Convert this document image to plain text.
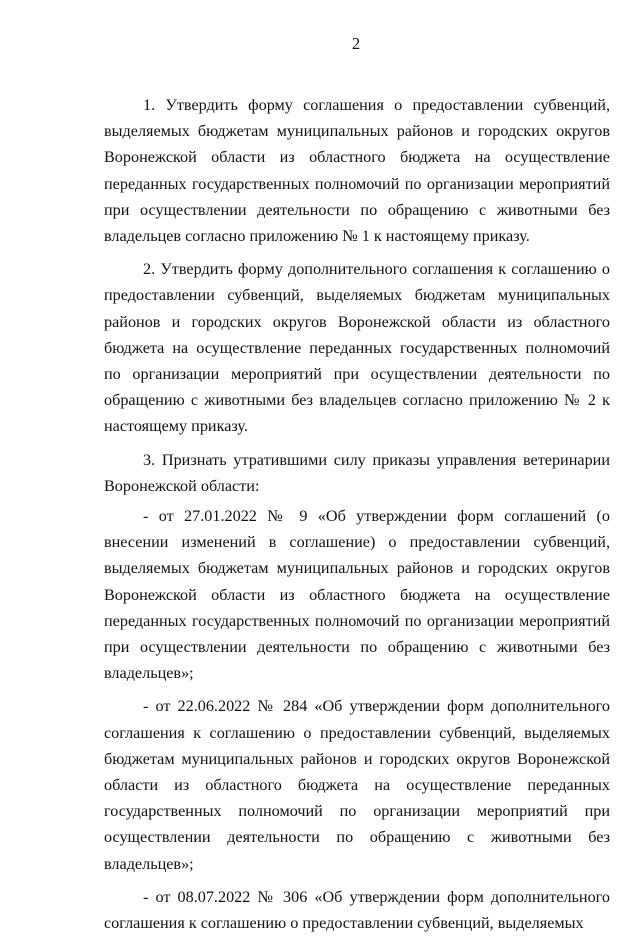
2

1. Утвердить форму соглашения о предоставлении субвенций, выделяемых бюджетам муниципальных районов и городских округов Воронежской области из областного бюджета на осуществление переданных государственных полномочий по организации мероприятий при осуществлении деятельности по обращению с животными без владельцев согласно приложению № 1 к настоящему приказу.

2. Утвердить форму дополнительного соглашения к соглашению о предоставлении субвенций, выделяемых бюджетам муниципальных районов и городских округов Воронежской области из областного бюджета на осуществление переданных государственных полномочий по организации мероприятий при осуществлении деятельности по обращению с животными без владельцев согласно приложению № 2 к настоящему приказу.

3. Признать утратившими силу приказы управления ветеринарии Воронежской области:

- от 27.01.2022 № 9 «Об утверждении форм соглашений (о внесении изменений в соглашение) о предоставлении субвенций, выделяемых бюджетам муниципальных районов и городских округов Воронежской области из областного бюджета на осуществление переданных государственных полномочий по организации мероприятий при осуществлении деятельности по обращению с животными без владельцев»;

- от 22.06.2022 № 284 «Об утверждении форм дополнительного соглашения к соглашению о предоставлении субвенций, выделяемых бюджетам муниципальных районов и городских округов Воронежской области из областного бюджета на осуществление переданных государственных полномочий по организации мероприятий при осуществлении деятельности по обращению с животными без владельцев»;

- от 08.07.2022 № 306 «Об утверждении форм дополнительного соглашения к соглашению о предоставлении субвенций, выделяемых
